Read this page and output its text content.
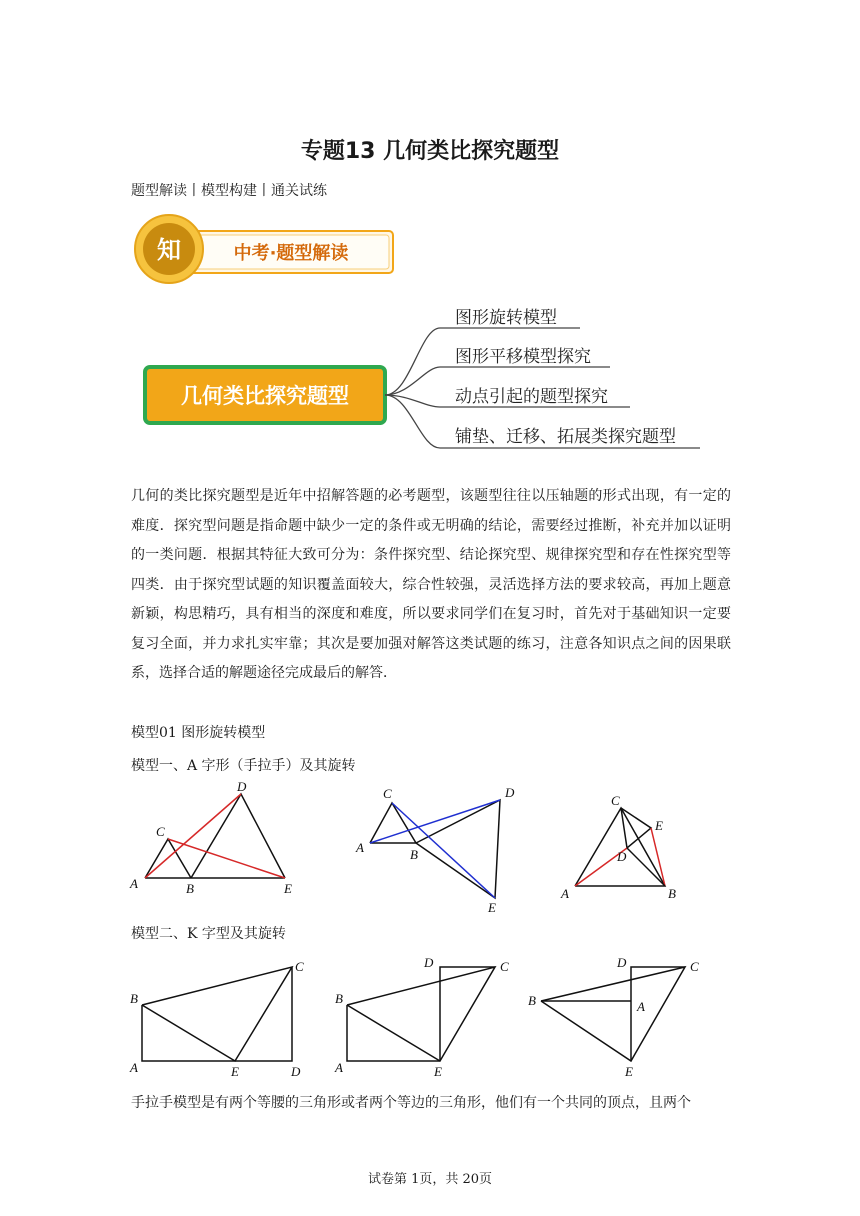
专题13 几何类比探究题型
题型解读丨模型构建丨通关试练
知	中考·题型解读
几何类比探究题型
图形旋转模型
图形平移模型探究
动点引起的题型探究
铺垫、迁移、拓展类探究题型
几何的类比探究题型是近年中招解答题的必考题型，该题型往往以压轴题的形式出现，有一定的难度．探究型问题是指命题中缺少一定的条件或无明确的结论，需要经过推断，补充并加以证明的一类问题．根据其特征大致可分为：条件探究型、结论探究型、规律探究型和存在性探究型等四类．由于探究型试题的知识覆盖面较大，综合性较强，灵活选择方法的要求较高，再加上题意新颖，构思精巧，具有相当的深度和难度，所以要求同学们在复习时，首先对于基础知识一定要复习全面，并力求扎实牢靠；其次是要加强对解答这类试题的练习，注意各知识点之间的因果联系，选择合适的解题途径完成最后的解答．
模型01 图形旋转模型
模型一、A 字形（手拉手）及其旋转
D
C
A	B	E
C	D
A	B
E
C
E
D
A	B
模型二、K 字型及其旋转
B
C
A	E	D
D	C
B
A	E
D	C
B	A
E
手拉手模型是有两个等腰的三角形或者两个等边的三角形，他们有一个共同的顶点，且两个
试卷第 1页，共 20页
